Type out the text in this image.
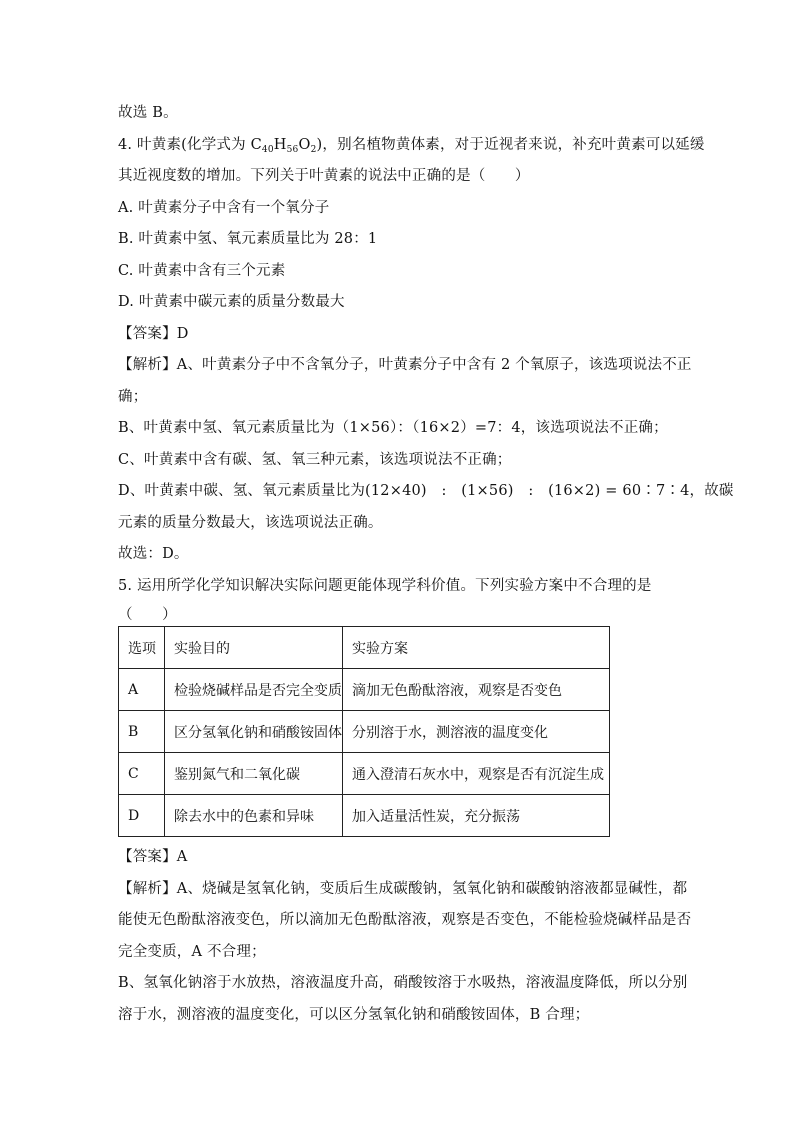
故选 B。
4. 叶黄素(化学式为 $C_{40}H_{56}O_2$)，别名植物黄体素，对于近视者来说，补充叶黄素可以延缓
其近视度数的增加。下列关于叶黄素的说法中正确的是（　　）
A. 叶黄素分子中含有一个氧分子
B. 叶黄素中氢、氧元素质量比为 28：1
C. 叶黄素中含有三个元素
D. 叶黄素中碳元素的质量分数最大
【答案】D
【解析】A、叶黄素分子中不含氧分子，叶黄素分子中含有 2 个氧原子，该选项说法不正
确；
B、叶黄素中氢、氧元素质量比为（1×56）：（16×2）=7：4，该选项说法不正确；
C、叶黄素中含有碳、氢、氧三种元素，该选项说法不正确；
D、叶黄素中碳、氢、氧元素质量比为(12×40)　:　(1×56)　:　(16×2) = 60∶7∶4，故碳
元素的质量分数最大，该选项说法正确。
故选：D。
5. 运用所学化学知识解决实际问题更能体现学科价值。下列实验方案中不合理的是
（　　）
选项	实验目的	实验方案
A	检验烧碱样品是否完全变质	滴加无色酚酞溶液，观察是否变色
B	区分氢氧化钠和硝酸铵固体	分别溶于水，测溶液的温度变化
C	鉴别氮气和二氧化碳	通入澄清石灰水中，观察是否有沉淀生成
D	除去水中的色素和异味	加入适量活性炭，充分振荡
【答案】A
【解析】A、烧碱是氢氧化钠，变质后生成碳酸钠，氢氧化钠和碳酸钠溶液都显碱性，都
能使无色酚酞溶液变色，所以滴加无色酚酞溶液，观察是否变色，不能检验烧碱样品是否
完全变质，A 不合理；
B、氢氧化钠溶于水放热，溶液温度升高，硝酸铵溶于水吸热，溶液温度降低，所以分别
溶于水，测溶液的温度变化，可以区分氢氧化钠和硝酸铵固体，B 合理；
